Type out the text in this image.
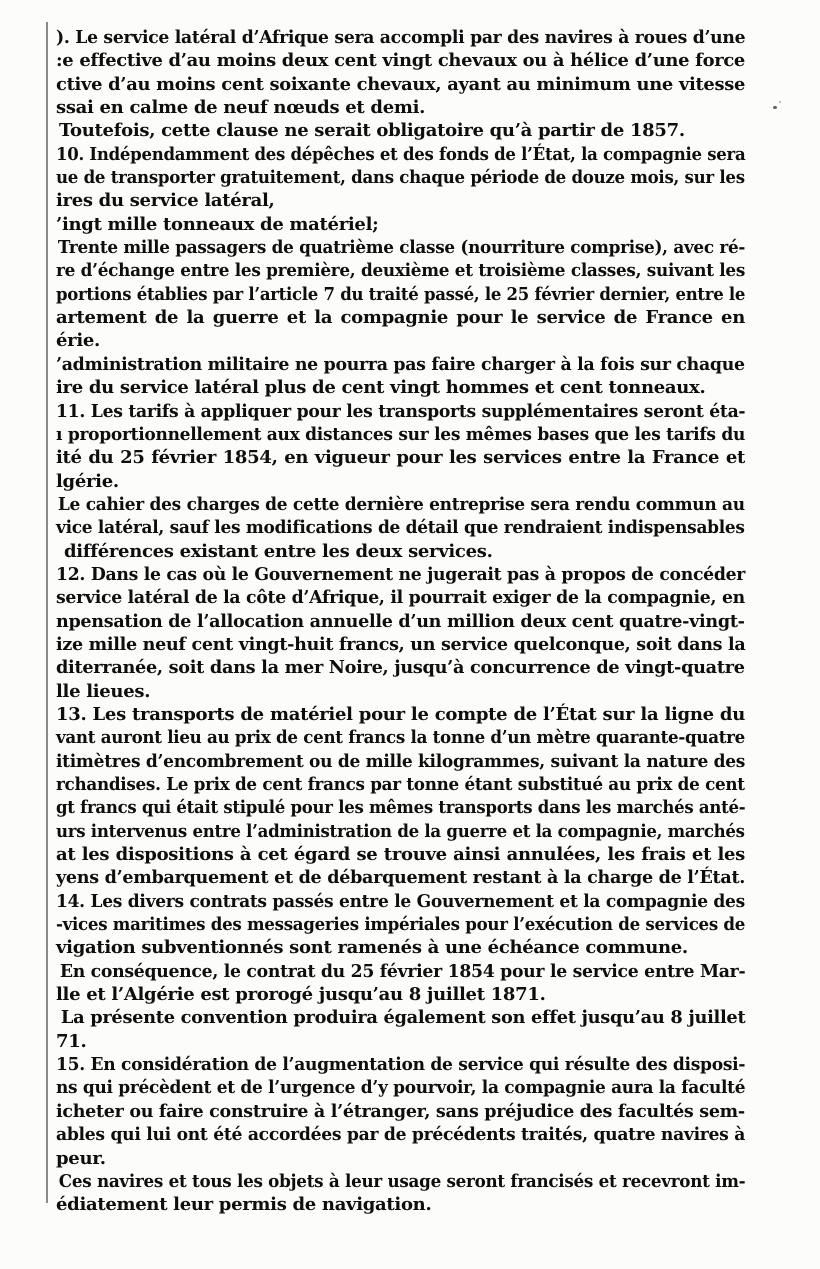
). Le service latéral d’Afrique sera accompli par des navires à roues d’une
:e effective d’au moins deux cent vingt chevaux ou à hélice d’une force
ctive d’au moins cent soixante chevaux, ayant au minimum une vitesse
ssai en calme de neuf nœuds et demi.
Toutefois, cette clause ne serait obligatoire qu’à partir de 1857.
10. Indépendamment des dépêches et des fonds de l’État, la compagnie sera
ue de transporter gratuitement, dans chaque période de douze mois, sur les
ires du service latéral,
’ingt mille tonneaux de matériel;
Trente mille passagers de quatrième classe (nourriture comprise), avec ré-
re d’échange entre les première, deuxième et troisième classes, suivant les
portions établies par l’article 7 du traité passé, le 25 février dernier, entre le
artement de la guerre et la compagnie pour le service de France en
érie.
’administration militaire ne pourra pas faire charger à la fois sur chaque
ire du service latéral plus de cent vingt hommes et cent tonneaux.
11. Les tarifs à appliquer pour les transports supplémentaires seront éta-
ı proportionnellement aux distances sur les mêmes bases que les tarifs du
ité du 25 février 1854, en vigueur pour les services entre la France et
lgérie.
Le cahier des charges de cette dernière entreprise sera rendu commun au
vice latéral, sauf les modifications de détail que rendraient indispensables
différences existant entre les deux services.
12. Dans le cas où le Gouvernement ne jugerait pas à propos de concéder
service latéral de la côte d’Afrique, il pourrait exiger de la compagnie, en
npensation de l’allocation annuelle d’un million deux cent quatre-vingt-
ize mille neuf cent vingt-huit francs, un service quelconque, soit dans la
diterranée, soit dans la mer Noire, jusqu’à concurrence de vingt-quatre
lle lieues.
13. Les transports de matériel pour le compte de l’État sur la ligne du
vant auront lieu au prix de cent francs la tonne d’un mètre quarante-quatre
itimètres d’encombrement ou de mille kilogrammes, suivant la nature des
rchandises. Le prix de cent francs par tonne étant substitué au prix de cent
gt francs qui était stipulé pour les mêmes transports dans les marchés anté-
urs intervenus entre l’administration de la guerre et la compagnie, marchés
at les dispositions à cet égard se trouve ainsi annulées, les frais et les
yens d’embarquement et de débarquement restant à la charge de l’État.
14. Les divers contrats passés entre le Gouvernement et la compagnie des
-vices maritimes des messageries impériales pour l’exécution de services de
vigation subventionnés sont ramenés à une échéance commune.
En conséquence, le contrat du 25 février 1854 pour le service entre Mar-
lle et l’Algérie est prorogé jusqu’au 8 juillet 1871.
La présente convention produira également son effet jusqu’au 8 juillet
71.
15. En considération de l’augmentation de service qui résulte des disposi-
ns qui précèdent et de l’urgence d’y pourvoir, la compagnie aura la faculté
icheter ou faire construire à l’étranger, sans préjudice des facultés sem-
ables qui lui ont été accordées par de précédents traités, quatre navires à
peur.
Ces navires et tous les objets à leur usage seront francisés et recevront im-
édiatement leur permis de navigation.
